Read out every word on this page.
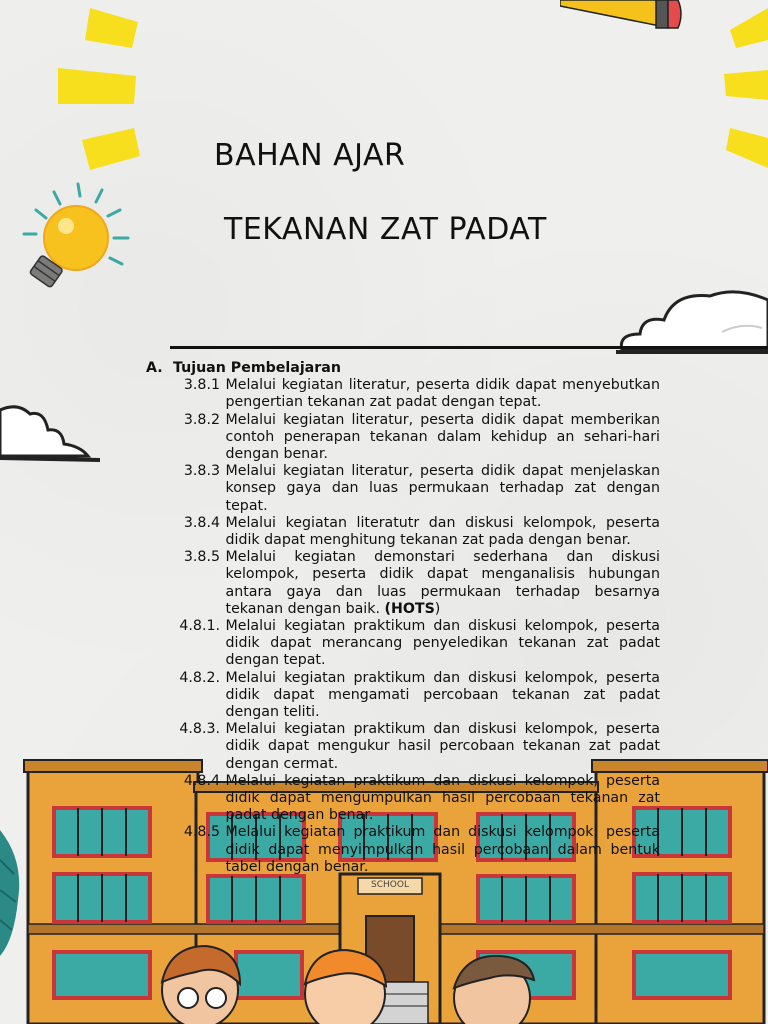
SCHOOL
BAHAN AJAR
TEKANAN ZAT PADAT
A. Tujuan Pembelajaran
3.8.1
Melalui kegiatan literatur, peserta didik dapat menyebutkan pengertian tekanan zat padat dengan tepat.
3.8.2
Melalui kegiatan literatur, peserta didik dapat memberikan contoh penerapan tekanan dalam kehidup an sehari-hari dengan benar.
3.8.3
Melalui kegiatan literatur, peserta didik dapat menjelaskan konsep gaya dan luas permukaan terhadap zat dengan tepat.
3.8.4
Melalui kegiatan literatutr dan diskusi kelompok, peserta didik dapat menghitung tekanan zat pada dengan benar.
3.8.5
Melalui kegiatan demonstari sederhana dan diskusi kelompok, peserta didik dapat menganalisis hubungan antara gaya dan luas permukaan terhadap besarnya tekanan dengan baik. (HOTS)
4.8.1.
Melalui kegiatan praktikum dan diskusi kelompok, peserta didik dapat merancang penyeledikan tekanan zat padat dengan tepat.
4.8.2.
Melalui kegiatan praktikum dan diskusi kelompok, peserta didik dapat mengamati percobaan tekanan zat padat dengan teliti.
4.8.3.
Melalui kegiatan praktikum dan diskusi kelompok, peserta didik dapat mengukur hasil percobaan tekanan zat padat dengan cermat.
4.8.4
Melalui kegiatan praktikum dan diskusi kelompok, peserta didik dapat mengumpulkan hasil percobaan tekanan zat padat dengan benar.
4.8.5
Melalui kegiatan praktikum dan diskusi kelompok, peserta didik dapat menyimpulkan hasil percobaan dalam bentuk tabel dengan benar.
